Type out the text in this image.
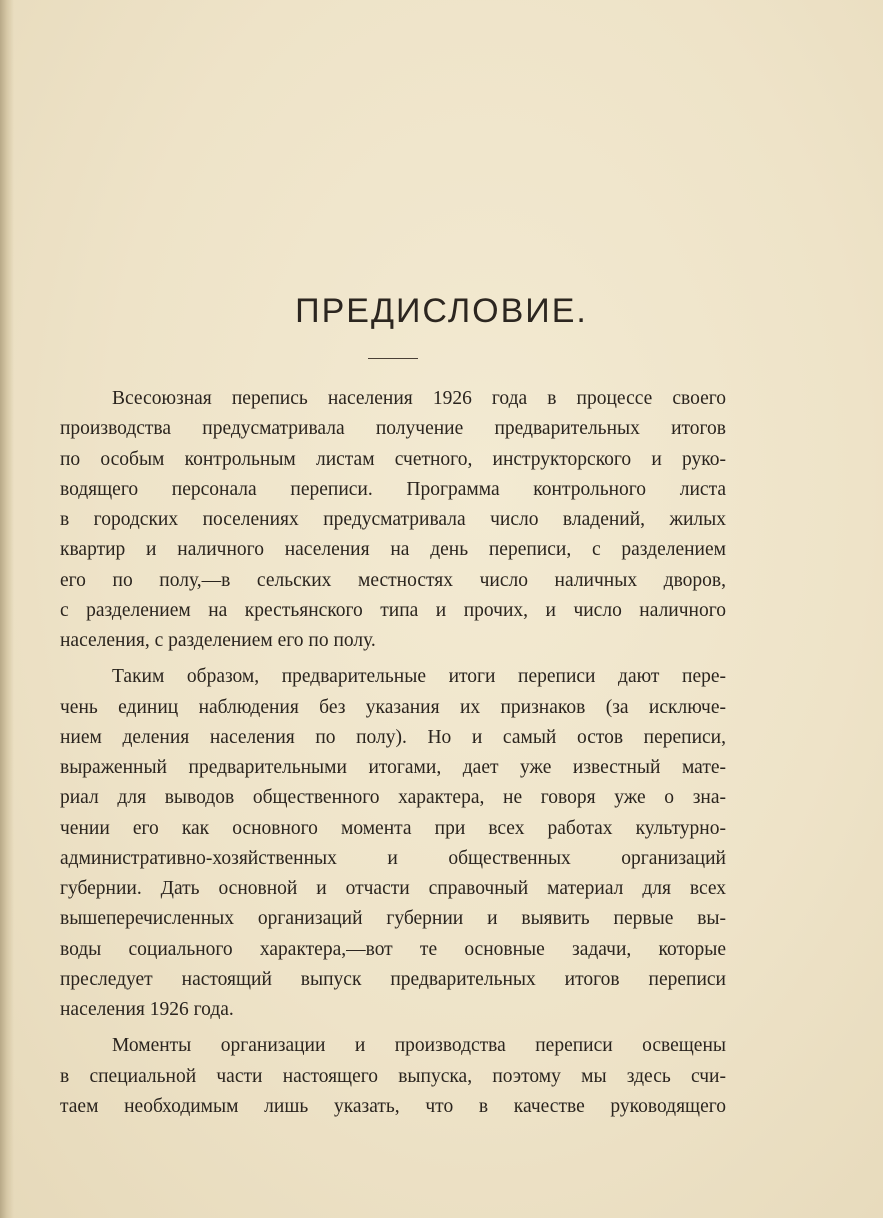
ПРЕДИСЛОВИЕ.
Всесоюзная перепись населения 1926 года в процессе своего
производства предусматривала получение предварительных итогов
по особым контрольным листам счетного, инструкторского и руко-
водящего персонала переписи. Программа контрольного листа
в городских поселениях предусматривала число владений, жилых
квартир и наличного населения на день переписи, с разделением
его по полу,—в сельских местностях число наличных дворов,
с разделением на крестьянского типа и прочих, и число наличного
населения, с разделением его по полу.
Таким образом, предварительные итоги переписи дают пере-
чень единиц наблюдения без указания их признаков (за исключе-
нием деления населения по полу). Но и самый остов переписи,
выраженный предварительными итогами, дает уже известный мате-
риал для выводов общественного характера, не говоря уже о зна-
чении его как основного момента при всех работах культурно-
административно-хозяйственных и общественных организаций
губернии. Дать основной и отчасти справочный материал для всех
вышеперечисленных организаций губернии и выявить первые вы-
воды социального характера,—вот те основные задачи, которые
преследует настоящий выпуск предварительных итогов переписи
населения 1926 года.
Моменты организации и производства переписи освещены
в специальной части настоящего выпуска, поэтому мы здесь счи-
таем необходимым лишь указать, что в качестве руководящего
